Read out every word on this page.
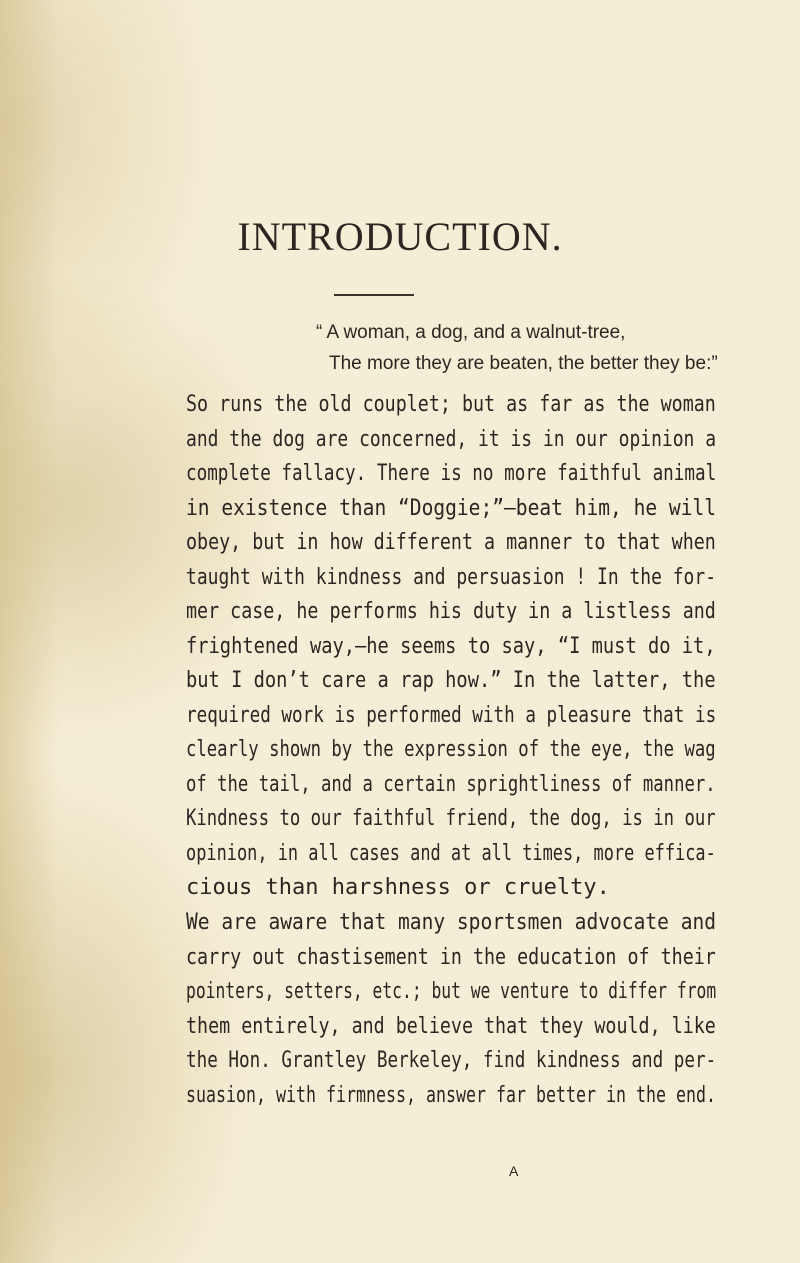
INTRODUCTION.
“ A woman, a dog, and a walnut-tree,
The more they are beaten, the better they be:”
So runs the old couplet; but as far as the woman
and the dog are concerned, it is in our opinion a
complete fallacy. There is no more faithful animal
in existence than “Doggie;”—beat him, he will
obey, but in how different a manner to that when
taught with kindness and persuasion ! In the for-
mer case, he performs his duty in a listless and
frightened way,—he seems to say, “I must do it,
but I don’t care a rap how.” In the latter, the
required work is performed with a pleasure that is
clearly shown by the expression of the eye, the wag
of the tail, and a certain sprightliness of manner.
Kindness to our faithful friend, the dog, is in our
opinion, in all cases and at all times, more effica-
cious than harshness or cruelty.
We are aware that many sportsmen advocate and
carry out chastisement in the education of their
pointers, setters, etc.; but we venture to differ from
them entirely, and believe that they would, like
the Hon. Grantley Berkeley, find kindness and per-
suasion, with firmness, answer far better in the end.
A
